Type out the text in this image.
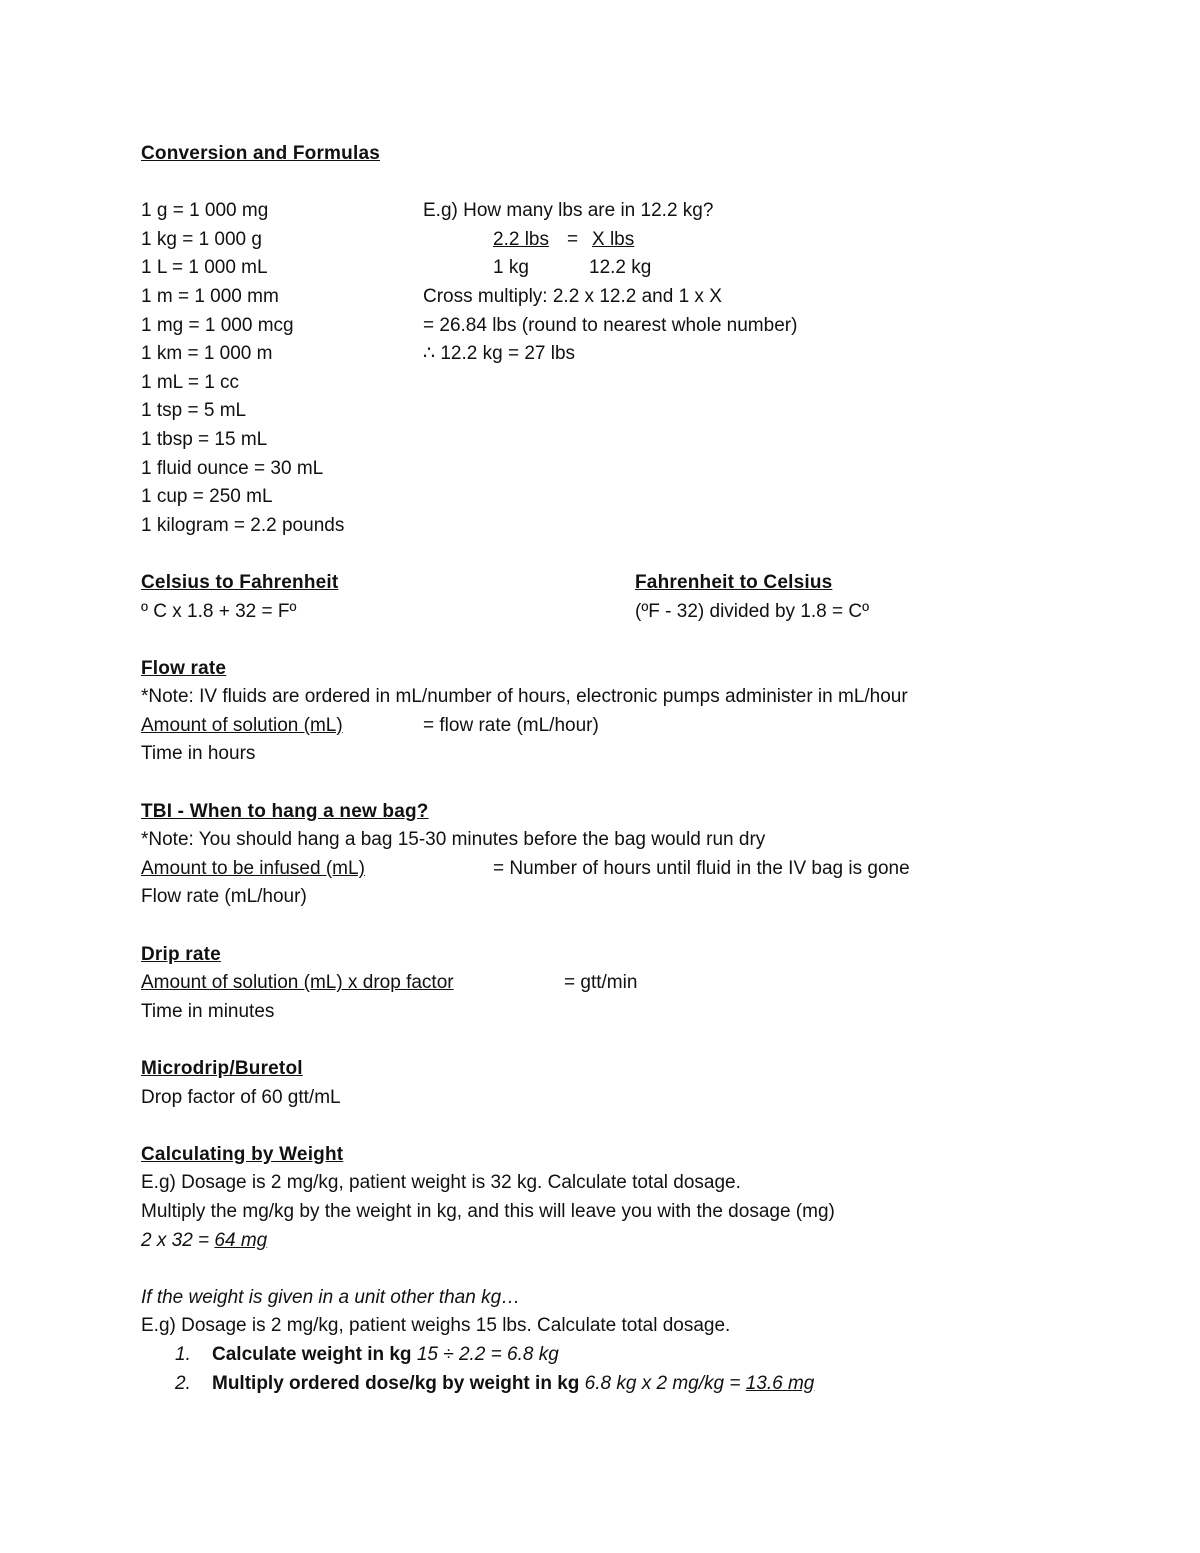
Conversion and Formulas
1 g = 1 000 mg	E.g) How many lbs are in 12.2 kg?
1 kg = 1 000 g	2.2 lbs = X lbs
1 L = 1 000 mL	1 kg	12.2 kg
1 m = 1 000 mm	Cross multiply: 2.2 x 12.2 and 1 x X
1 mg = 1 000 mcg	= 26.84 lbs (round to nearest whole number)
1 km = 1 000 m	∴ 12.2 kg = 27 lbs
1 mL = 1 cc
1 tsp = 5 mL
1 tbsp = 15 mL
1 fluid ounce = 30 mL
1 cup = 250 mL
1 kilogram = 2.2 pounds
Celsius to Fahrenheit	Fahrenheit to Celsius
º C x 1.8 + 32 = Fº	(ºF - 32) divided by 1.8 = Cº
Flow rate
*Note: IV fluids are ordered in mL/number of hours, electronic pumps administer in mL/hour
Amount of solution (mL)	= flow rate (mL/hour)
Time in hours
TBI - When to hang a new bag?
*Note: You should hang a bag 15-30 minutes before the bag would run dry
Amount to be infused (mL)	= Number of hours until fluid in the IV bag is gone
Flow rate (mL/hour)
Drip rate
Amount of solution (mL) x drop factor	= gtt/min
Time in minutes
Microdrip/Buretol
Drop factor of 60 gtt/mL
Calculating by Weight
E.g) Dosage is 2 mg/kg, patient weight is 32 kg. Calculate total dosage.
Multiply the mg/kg by the weight in kg, and this will leave you with the dosage (mg)
2 x 32 = 64 mg
If the weight is given in a unit other than kg…
E.g) Dosage is 2 mg/kg, patient weighs 15 lbs. Calculate total dosage.
1. Calculate weight in kg 15 ÷ 2.2 = 6.8 kg
2. Multiply ordered dose/kg by weight in kg 6.8 kg x 2 mg/kg = 13.6 mg
